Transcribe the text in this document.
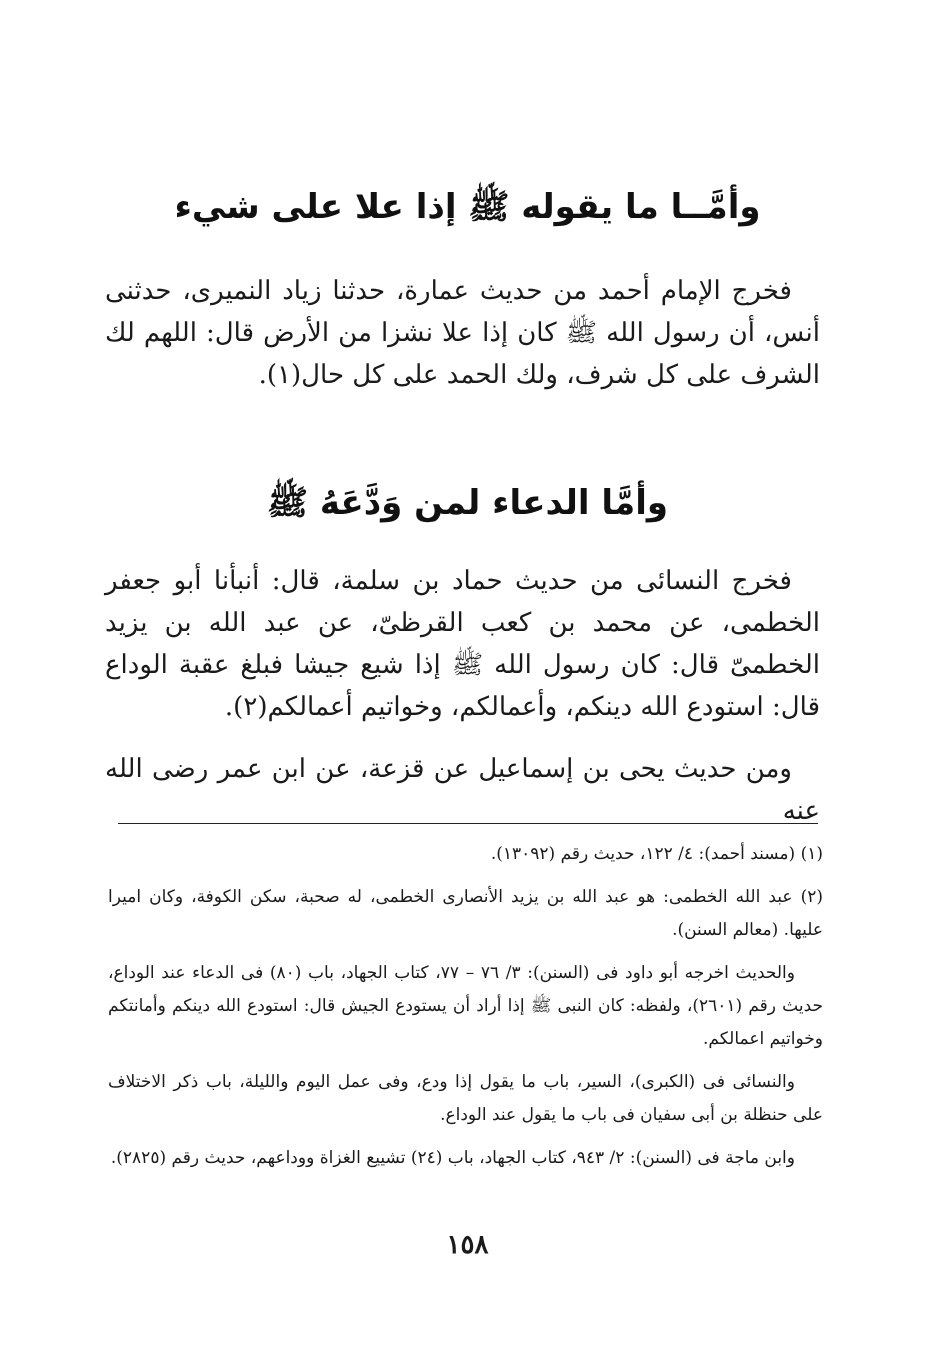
وأمَّــا ما يقوله ﷺ إذا علا على شيء

فخرج الإمام أحمد من حديث عمارة، حدثنا زياد النميرى، حدثنى أنس، أن رسول الله ﷺ كان إذا علا نشزا من الأرض قال: اللهم لك الشرف على كل شرف، ولك الحمد على كل حال(١).

وأمَّا الدعاء لمن وَدَّعَهُ ﷺ

فخرج النسائى من حديث حماد بن سلمة، قال: أنبأنا أبو جعفر الخطمى، عن محمد بن كعب القرظىّ، عن عبد الله بن يزيد الخطمىّ قال: كان رسول الله ﷺ إذا شيع جيشا فبلغ عقبة الوداع قال: استودع الله دينكم، وأعمالكم، وخواتيم أعمالكم(٢).

ومن حديث يحى بن إسماعيل عن قزعة، عن ابن عمر رضى الله عنه

(١) (مسند أحمد): ٤/ ١٢٢، حديث رقم (١٣٠٩٢).

(٢) عبد الله الخطمى: هو عبد الله بن يزيد الأنصارى الخطمى، له صحبة، سكن الكوفة، وكان اميرا عليها. (معالم السنن).

والحديث اخرجه أبو داود فى (السنن): ٣/ ٧٦ – ٧٧، كتاب الجهاد، باب (٨٠) فى الدعاء عند الوداع، حديث رقم (٢٦٠١)، ولفظه: كان النبى ﷺ إذا أراد أن يستودع الجيش قال: استودع الله دينكم وأمانتكم وخواتيم اعمالكم.

والنسائى فى (الكبرى)، السير، باب ما يقول إذا ودع، وفى عمل اليوم والليلة، باب ذكر الاختلاف على حنظلة بن أبى سفيان فى باب ما يقول عند الوداع.

وابن ماجة فى (السنن): ٢/ ٩٤٣، كتاب الجهاد، باب (٢٤) تشييع الغزاة ووداعهم، حديث رقم (٢٨٢٥).

١٥٨
